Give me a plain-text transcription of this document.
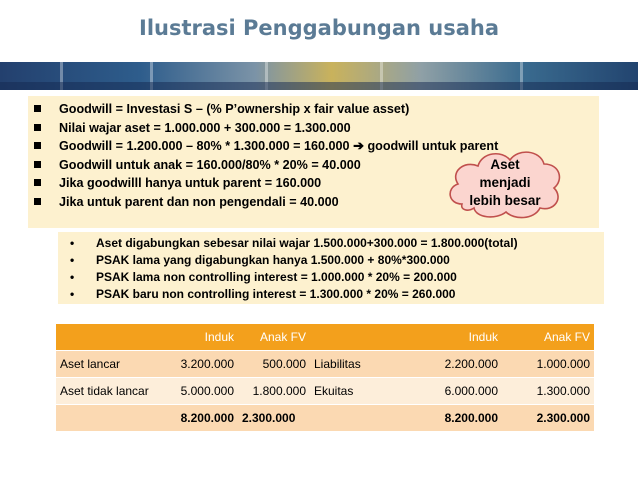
Ilustrasi Penggabungan usaha
Goodwill = Investasi S – (% P’ownership x fair value asset)
Nilai wajar aset = 1.000.000 + 300.000 = 1.300.000
Goodwill = 1.200.000 – 80% * 1.300.000 = 160.000 ➔ goodwill untuk parent
Goodwill untuk anak = 160.000/80% * 20% = 40.000
Jika goodwilll hanya untuk parent = 160.000
Jika untuk parent dan non pengendali = 40.000
Aset
menjadi
lebih besar
• Aset digabungkan sebesar nilai wajar 1.500.000+300.000 = 1.800.000(total)
• PSAK lama yang digabungkan hanya 1.500.000 + 80%*300.000
• PSAK lama non controlling interest = 1.000.000 * 20% = 200.000
• PSAK baru non controlling interest = 1.300.000 * 20% = 260.000
	Induk	Anak FV		Induk	Anak FV
Aset lancar	3.200.000	500.000	Liabilitas	2.200.000	1.000.000
Aset tidak lancar	5.000.000	1.800.000	Ekuitas	6.000.000	1.300.000
	8.200.000	2.300.000		8.200.000	2.300.000
